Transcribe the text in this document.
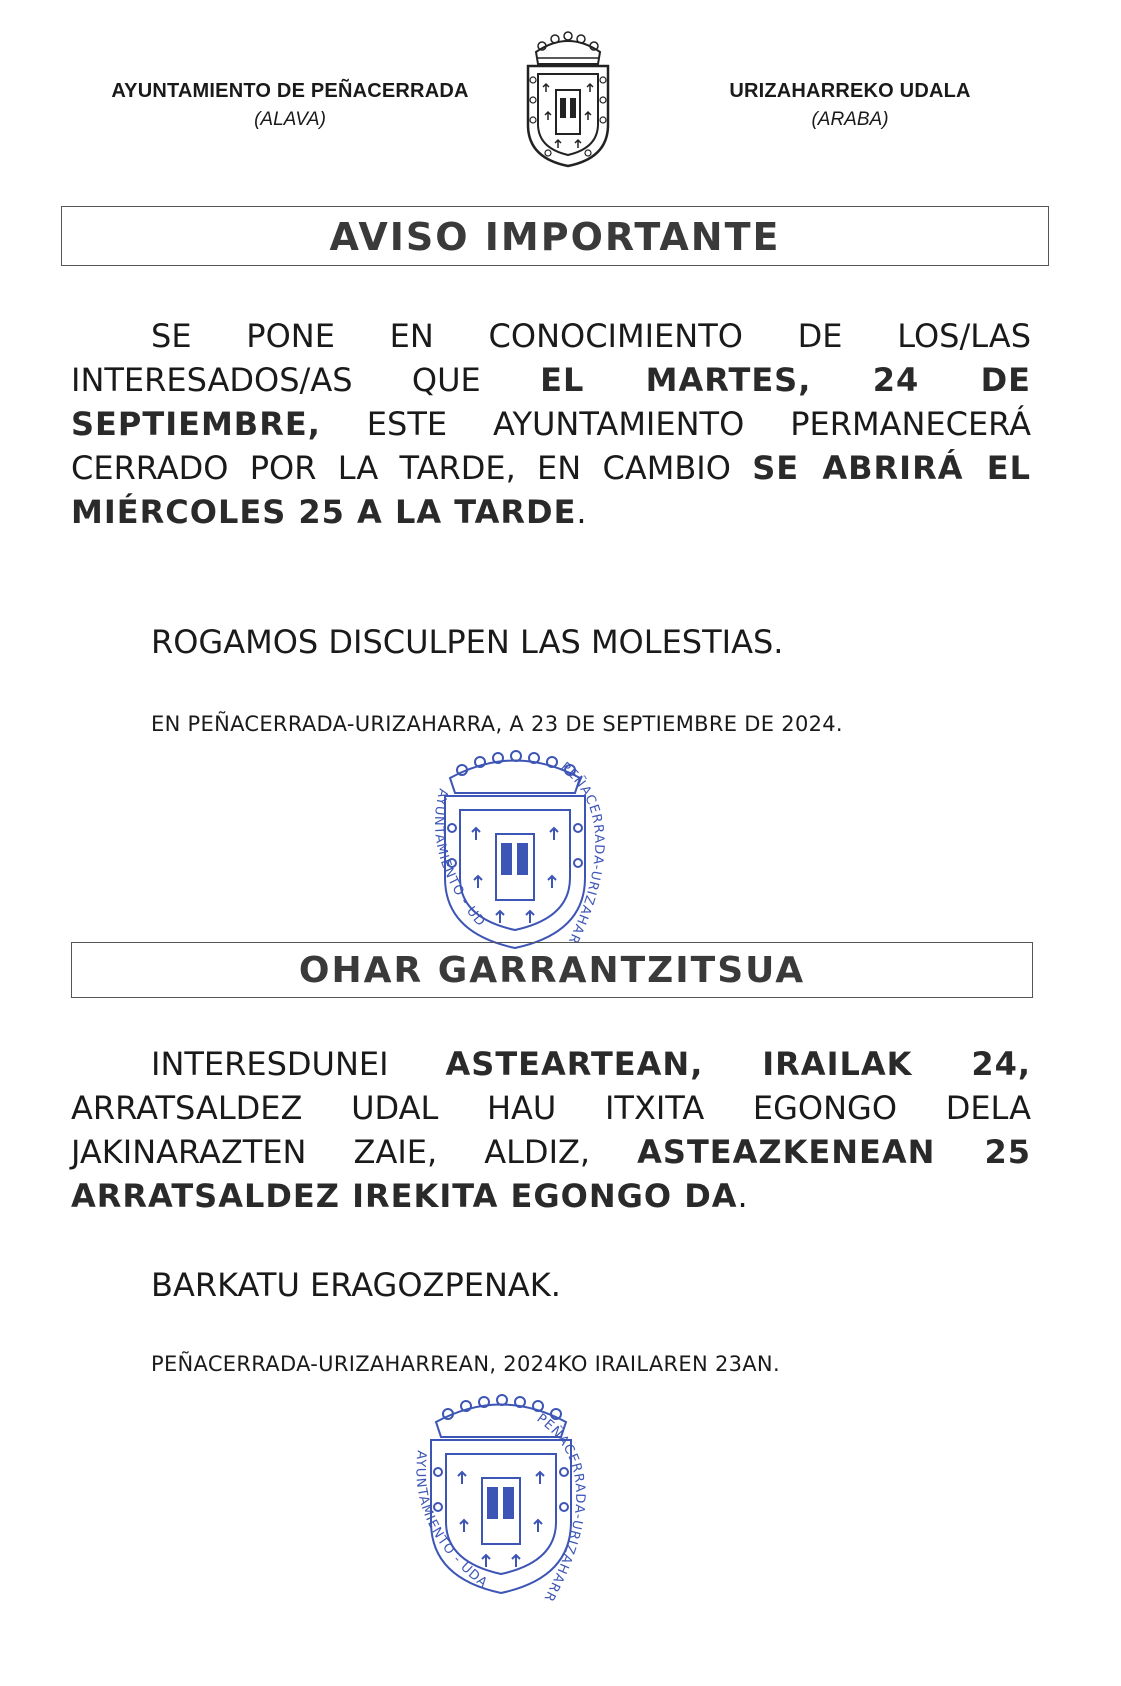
AYUNTAMIENTO DE PEÑACERRADA
(ALAVA)
URIZAHARREKO UDALA
(ARABA)
AVISO IMPORTANTE
SE PONE EN CONOCIMIENTO DE LOS/LAS INTERESADOS/AS QUE EL MARTES, 24 DE SEPTIEMBRE, ESTE AYUNTAMIENTO PERMANECERÁ CERRADO POR LA TARDE, EN CAMBIO SE ABRIRÁ EL MIÉRCOLES 25 A LA TARDE.
ROGAMOS DISCULPEN LAS MOLESTIAS.
EN PEÑACERRADA-URIZAHARRA, A 23 DE SEPTIEMBRE DE 2024.
AYUNTAMIENTO - UD
PEÑACERRADA-URIZAHAR
OHAR GARRANTZITSUA
INTERESDUNEI ASTEARTEAN, IRAILAK 24, ARRATSALDEZ UDAL HAU ITXITA EGONGO DELA JAKINARAZTEN ZAIE, ALDIZ, ASTEAZKENEAN 25 ARRATSALDEZ IREKITA EGONGO DA.
BARKATU ERAGOZPENAK.
PEÑACERRADA-URIZAHARREAN, 2024KO IRAILAREN 23AN.
AYUNTAMIENTO - UDA
PEÑACERRADA-URIZAHARR
